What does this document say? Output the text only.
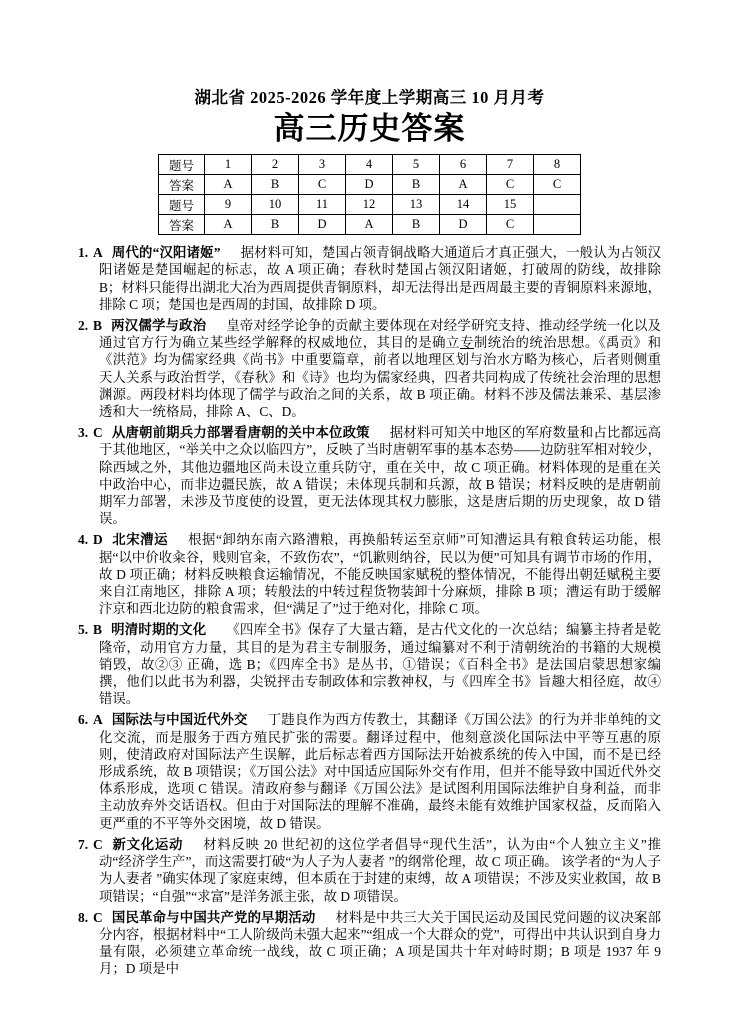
湖北省 2025-2026 学年度上学期高三 10 月月考
高三历史答案
题号	1	2	3	4	5	6	7	8
答案	A	B	C	D	B	A	C	C
题号	9	10	11	12	13	14	15	
答案	A	B	D	A	B	D	C	

1. A 周代的“汉阳诸姬” 据材料可知，楚国占领青铜战略大通道后才真正强大，一般认为占领汉阳诸姬是楚国崛起的标志，故 A 项正确；春秋时楚国占领汉阳诸姬，打破周的防线，故排除 B；材料只能得出湖北大冶为西周提供青铜原料，却无法得出是西周最主要的青铜原料来源地，排除 C 项；楚国也是西周的封国，故排除 D 项。

2. B 两汉儒学与政治 皇帝对经学论争的贡献主要体现在对经学研究支持、推动经学统一化以及通过官方行为确立某些经学解释的权威地位，其目的是确立专制统治的统治思想。《禹贡》和《洪范》均为儒家经典《尚书》中重要篇章，前者以地理区划与治水方略为核心，后者则侧重天人关系与政治哲学，《春秋》和《诗》也均为儒家经典，四者共同构成了传统社会治理的思想渊源。两段材料均体现了儒学与政治之间的关系，故 B 项正确。材料不涉及儒法兼采、基层渗透和大一统格局，排除 A、C、D。

3. C 从唐朝前期兵力部署看唐朝的关中本位政策 据材料可知关中地区的军府数量和占比都远高于其他地区，“举关中之众以临四方”，反映了当时唐朝军事的基本态势——边防驻军相对较少，除西域之外，其他边疆地区尚未设立重兵防守，重在关中，故 C 项正确。材料体现的是重在关中政治中心，而非边疆民族，故 A 错误；未体现兵制和兵源，故 B 错误；材料反映的是唐朝前期军力部署，未涉及节度使的设置，更无法体现其权力膨胀，这是唐后期的历史现象，故 D 错误。

4. D 北宋漕运 根据“卸纳东南六路漕粮，再换船转运至京师”可知漕运具有粮食转运功能，根据“以中价收籴谷，贱则官籴，不致伤农”，“饥歉则纳谷，民以为便”可知具有调节市场的作用，故 D 项正确；材料反映粮食运输情况，不能反映国家赋税的整体情况，不能得出朝廷赋税主要来自江南地区，排除 A 项；转般法的中转过程货物装卸十分麻烦，排除 B 项；漕运有助于缓解汴京和西北边防的粮食需求，但“满足了”过于绝对化，排除 C 项。

5. B 明清时期的文化 《四库全书》保存了大量古籍，是古代文化的一次总结；编纂主持者是乾隆帝，动用官方力量，其目的是为君主专制服务，通过编纂对不利于清朝统治的书籍的大规模销毁，故②③ 正确，选 B；《四库全书》是丛书，①错误；《百科全书》是法国启蒙思想家编撰，他们以此书为利器，尖锐抨击专制政体和宗教神权，与《四库全书》旨趣大相径庭，故④错误。

6. A 国际法与中国近代外交 丁韪良作为西方传教士，其翻译《万国公法》的行为并非单纯的文化交流，而是服务于西方殖民扩张的需要。翻译过程中，他刻意淡化国际法中平等互惠的原则，使清政府对国际法产生误解，此后标志着西方国际法开始被系统的传入中国，而不是已经形成系统，故 B 项错误；《万国公法》对中国适应国际外交有作用，但并不能导致中国近代外交体系形成，选项 C 错误。清政府参与翻译《万国公法》是试图利用国际法维护自身利益，而非主动放弃外交话语权。但由于对国际法的理解不准确，最终未能有效维护国家权益，反而陷入更严重的不平等外交困境，故 D 错误。

7. C 新文化运动 材料反映 20 世纪初的这位学者倡导“现代生活”，认为由“个人独立主义”推动“经济学生产”，而这需要打破“为人子为人妻者 ”的纲常伦理，故 C 项正确。 该学者的“为人子为人妻者 ”确实体现了家庭束缚，但本质在于封建的束缚，故 A 项错误；不涉及实业救国，故 B 项错误；“自强”“求富”是洋务派主张，故 D 项错误。

8. C 国民革命与中国共产党的早期活动 材料是中共三大关于国民运动及国民党问题的议决案部分内容，根据材料中“工人阶级尚未强大起来”“组成一个大群众的党”，可得出中共认识到自身力量有限，必须建立革命统一战线，故 C 项正确；A 项是国共十年对峙时期；B 项是 1937 年 9 月；D 项是中
